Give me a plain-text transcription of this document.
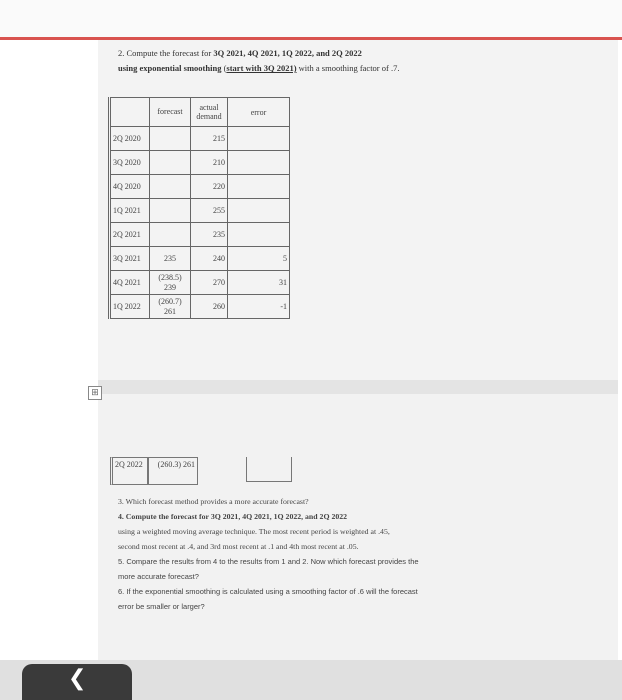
2. Compute the forecast for 3Q 2021, 4Q 2021, 1Q 2022, and 2Q 2022
using exponential smoothing (start with 3Q 2021) with a smoothing factor of .7.
	forecast	actual demand	error
2Q 2020		215	
3Q 2020		210	
4Q 2020		220	
1Q 2021		255	
2Q 2021		235	
3Q 2021	235	240	5
4Q 2021	(238.5) 239	270	31
1Q 2022	(260.7) 261	260	-1
⊞
2Q 2022	(260.3) 261
3. Which forecast method provides a more accurate forecast?
4. Compute the forecast for 3Q 2021, 4Q 2021, 1Q 2022, and 2Q 2022
using a weighted moving average technique. The most recent period is weighted at .45,
second most recent at .4, and 3rd most recent at .1 and 4th most recent at .05.
5. Compare the results from 4 to the results from 1 and 2. Now which forecast provides the
more accurate forecast?
6. If the exponential smoothing is calculated using a smoothing factor of .6 will the forecast
error be smaller or larger?
❮
